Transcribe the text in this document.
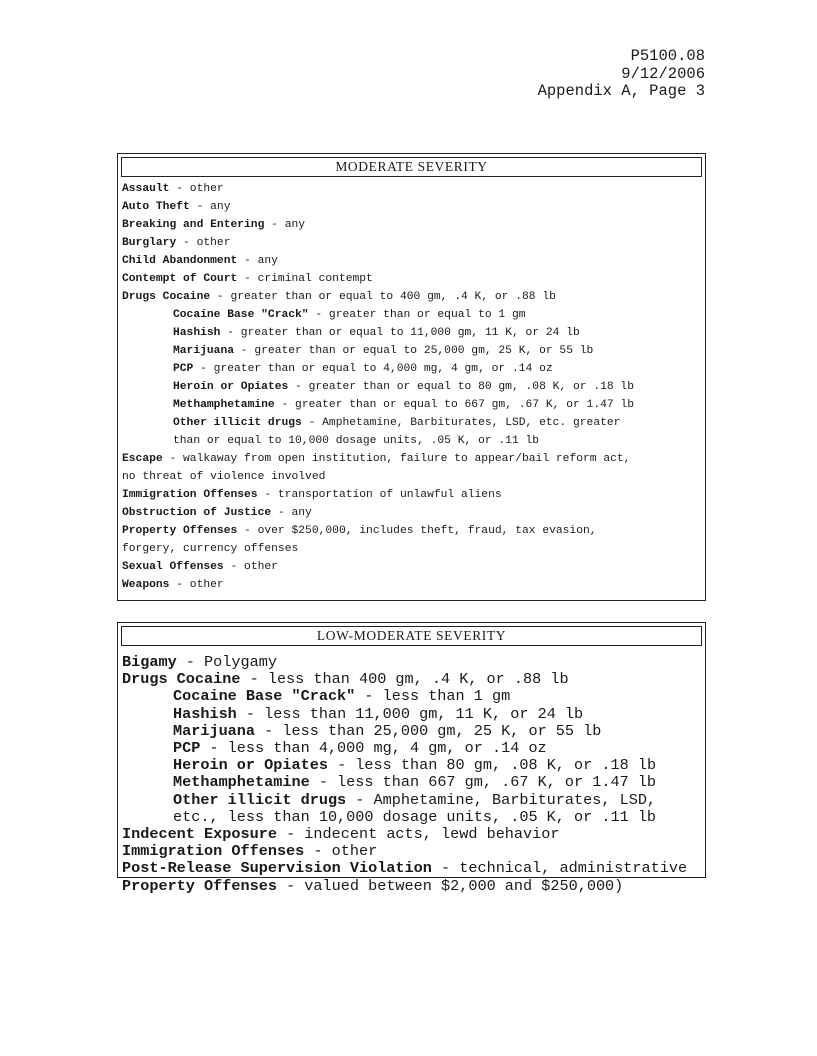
P5100.08
9/12/2006
Appendix A, Page 3
MODERATE SEVERITY
Assault - other
Auto Theft - any
Breaking and Entering - any
Burglary - other
Child Abandonment - any
Contempt of Court - criminal contempt
Drugs Cocaine - greater than or equal to 400 gm, .4 K, or .88 lb
Cocaine Base "Crack" - greater than or equal to 1 gm
Hashish - greater than or equal to 11,000 gm, 11 K, or 24 lb
Marijuana - greater than or equal to 25,000 gm, 25 K, or 55 lb
PCP - greater than or equal to 4,000 mg, 4 gm, or .14 oz
Heroin or Opiates - greater than or equal to 80 gm, .08 K, or .18 lb
Methamphetamine - greater than or equal to 667 gm, .67 K, or 1.47 lb
Other illicit drugs - Amphetamine, Barbiturates, LSD, etc. greater
than or equal to 10,000 dosage units, .05 K, or .11 lb
Escape - walkaway from open institution, failure to appear/bail reform act,
no threat of violence involved
Immigration Offenses - transportation of unlawful aliens
Obstruction of Justice - any
Property Offenses - over $250,000, includes theft, fraud, tax evasion,
forgery, currency offenses
Sexual Offenses - other
Weapons - other
LOW-MODERATE SEVERITY
Bigamy - Polygamy
Drugs Cocaine - less than 400 gm, .4 K, or .88 lb
Cocaine Base "Crack" - less than 1 gm
Hashish - less than 11,000 gm, 11 K, or 24 lb
Marijuana - less than 25,000 gm, 25 K, or 55 lb
PCP - less than 4,000 mg, 4 gm, or .14 oz
Heroin or Opiates - less than 80 gm, .08 K, or .18 lb
Methamphetamine - less than 667 gm, .67 K, or 1.47 lb
Other illicit drugs - Amphetamine, Barbiturates, LSD,
etc., less than 10,000 dosage units, .05 K, or .11 lb
Indecent Exposure - indecent acts, lewd behavior
Immigration Offenses - other
Post-Release Supervision Violation - technical, administrative
Property Offenses - valued between $2,000 and $250,000)
